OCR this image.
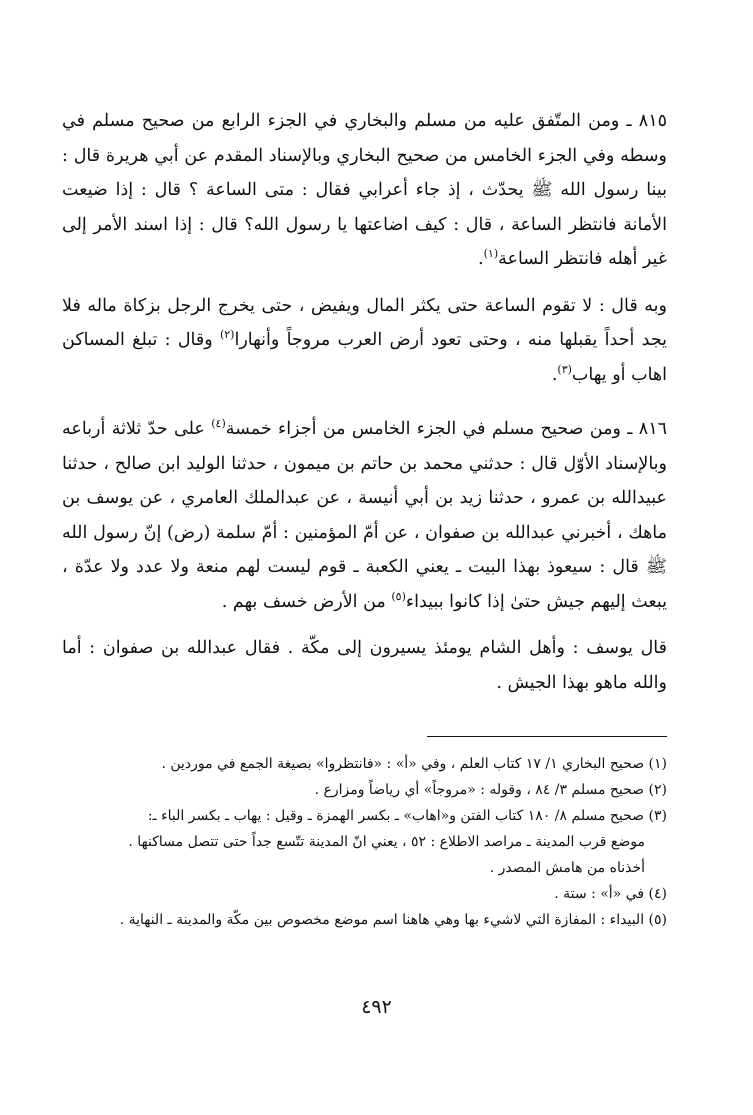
٨١٥ ـ ومن المتّفق عليه من مسلم والبخاري في الجزء الرابع من صحيح مسلم في وسطه وفي الجزء الخامس من صحيح البخاري وبالإسناد المقدم عن أبي هريرة قال : بينا رسول الله ﷺ يحدّث ، إذ جاء أعرابي فقال : متى الساعة ؟ قال : إذا ضيعت الأمانة فانتظر الساعة ، قال : كيف اضاعتها يا رسول الله؟ قال : إذا اسند الأمر إلى غير أهله فانتظر الساعة$^{(١)}$.

وبه قال : لا تقوم الساعة حتى يكثر المال ويفيض ، حتى يخرج الرجل بزكاة ماله فلا يجد أحداً يقبلها منه ، وحتى تعود أرض العرب مروجاً وأنهارا$^{(٢)}$ وقال : تبلغ المساكن اهاب أو يهاب$^{(٣)}$.

٨١٦ ـ ومن صحيح مسلم في الجزء الخامس من أجزاء خمسة$^{(٤)}$ على حدّ ثلاثة أرباعه وبالإسناد الأوّل قال : حدثني محمد بن حاتم بن ميمون ، حدثنا الوليد ابن صالح ، حدثنا عبيدالله بن عمرو ، حدثنا زيد بن أبي أنيسة ، عن عبدالملك العامري ، عن يوسف بن ماهك ، أخبرني عبدالله بن صفوان ، عن أمّ المؤمنين : أمّ سلمة (رض) إنّ رسول الله ﷺ قال : سيعوذ بهذا البيت ـ يعني الكعبة ـ قوم ليست لهم منعة ولا عدد ولا عدّة ، يبعث إليهم جيش حتىٰ إذا كانوا ببيداء$^{(٥)}$ من الأرض خسف بهم .

قال يوسف : وأهل الشام يومئذ يسيرون إلى مكّة . فقال عبدالله بن صفوان : أما والله ماهو بهذا الجيش .

(١) صحيح البخاري ١/ ١٧ كتاب العلم ، وفي «أ» : «فانتظروا» بصيغة الجمع في موردين .

(٢) صحيح مسلم ٣/ ٨٤ ، وقوله : «مروجاً» أي رياضاً ومزارع .

(٣) صحيح مسلم ٨/ ١٨٠ كتاب الفتن و«اهاب» ـ بكسر الهمزة ـ وقيل : يهاب ـ بكسر الباء ـ:

موضع قرب المدينة ـ مراصد الاطلاع : ٥٢ ، يعني انّ المدينة تتّسع جداً حتى تتصل مساكنها .

أخذناه من هامش المصدر .

(٤) في «أ» : ستة .

(٥) البيداء : المفازة التي لاشيء بها وهي هاهنا اسم موضع مخصوص بين مكّة والمدينة ـ النهاية .

٤٩٢
